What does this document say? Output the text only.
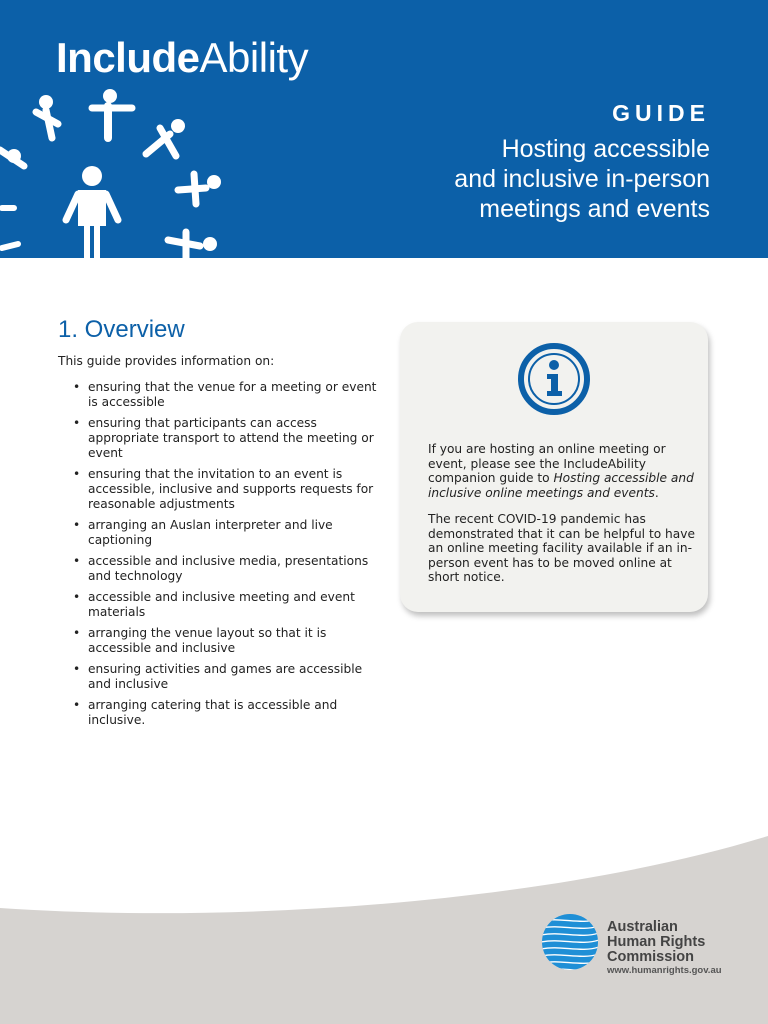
IncludeAbility
GUIDE
Hosting accessible
and inclusive in-person
meetings and events
1. Overview
This guide provides information on:
• ensuring that the venue for a meeting or event is accessible
• ensuring that participants can access appropriate transport to attend the meeting or event
• ensuring that the invitation to an event is accessible, inclusive and supports requests for reasonable adjustments
• arranging an Auslan interpreter and live captioning
• accessible and inclusive media, presentations and technology
• accessible and inclusive meeting and event materials
• arranging the venue layout so that it is accessible and inclusive
• ensuring activities and games are accessible and inclusive
• arranging catering that is accessible and inclusive.
If you are hosting an online meeting or event, please see the IncludeAbility companion guide to Hosting accessible and inclusive online meetings and events.
The recent COVID-19 pandemic has demonstrated that it can be helpful to have an online meeting facility available if an in-person event has to be moved online at short notice.
Australian
Human Rights
Commission
www.humanrights.gov.au
